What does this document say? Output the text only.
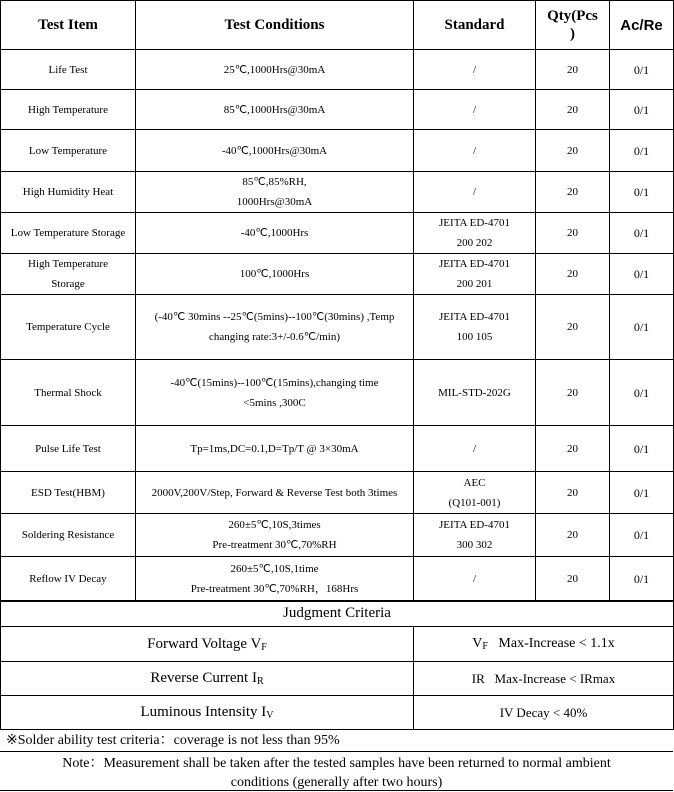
Test Item	Test Conditions	Standard	Qty(Pcs
)	Ac/Re

Life Test	25℃,1000Hrs@30mA	/	20	0/1

High Temperature	85℃,1000Hrs@30mA	/	20	0/1

Low Temperature	-40℃,1000Hrs@30mA	/	20	0/1

High Humidity Heat	85℃,85%RH,
1000Hrs@30mA	/	20	0/1

Low Temperature Storage	-40℃,1000Hrs	JEITA ED-4701
200 202	20	0/1

High Temperature
Storage	100℃,1000Hrs	JEITA ED-4701
200 201	20	0/1

Temperature Cycle	(-40℃ 30mins --25℃(5mins)--100℃(30mins) ,Temp
changing rate:3+/-0.6℃/min)	JEITA ED-4701
100 105	20	0/1

Thermal Shock	-40℃(15mins)--100℃(15mins),changing time
<5mins ,300C	MIL-STD-202G	20	0/1

Pulse Life Test	Tp=1ms,DC=0.1,D=Tp/T @ 3×30mA	/	20	0/1

ESD Test(HBM)	2000V,200V/Step, Forward & Reverse Test both 3times	AEC
(Q101-001)	20	0/1

Soldering Resistance	260±5℃,10S,3times
Pre-treatment 30℃,70%RH	JEITA ED-4701
300 302	20	0/1

Reflow IV Decay	260±5℃,10S,1time
Pre-treatment 30℃,70%RH，168Hrs	/	20	0/1
Judgment Criteria	
Forward Voltage $V_F$	$V_F$ Max-Increase < 1.1x
Reverse Current $I_R$	IR Max-Increase < IRmax
Luminous Intensity $I_V$	IV Decay < 40%
※Solder ability test criteria：coverage is not less than 95%
Note：Measurement shall be taken after the tested samples have been returned to normal ambient
conditions (generally after two hours)
